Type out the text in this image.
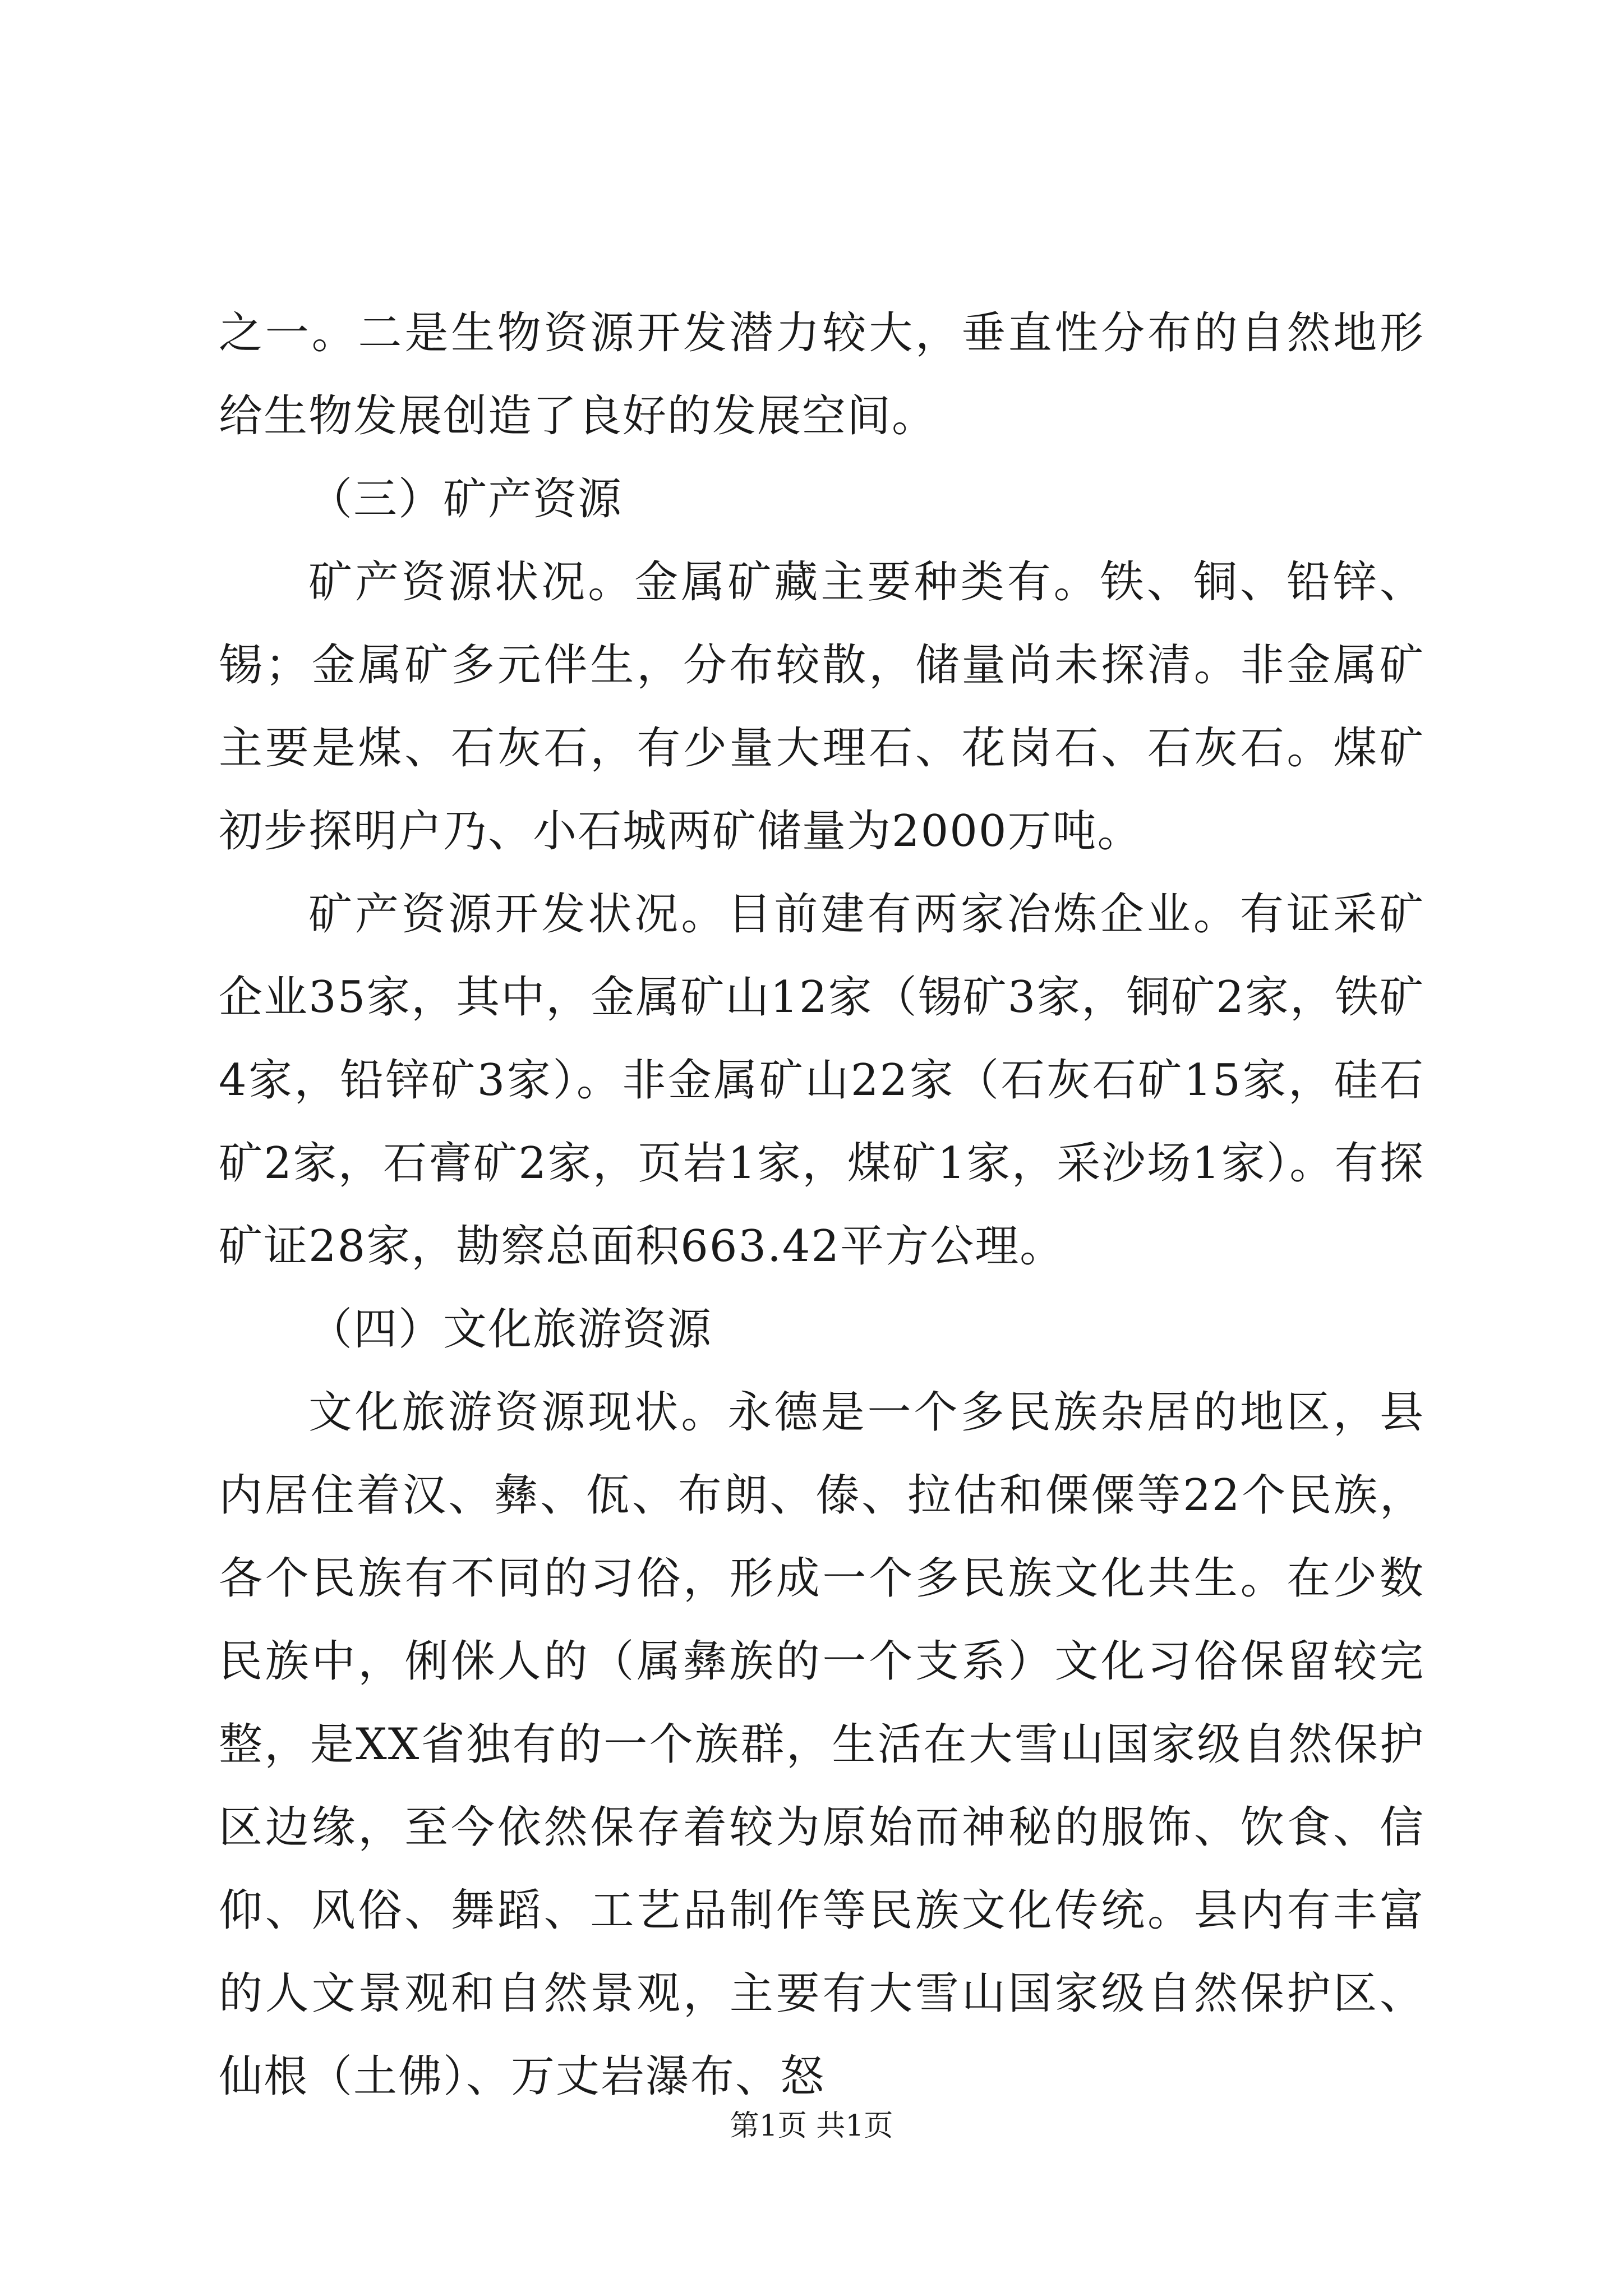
之一。二是生物资源开发潜力较大，垂直性分布的自然地形给生物发展创造了良好的发展空间。

（三）矿产资源

矿产资源状况。金属矿藏主要种类有。铁、铜、铅锌、锡；金属矿多元伴生，分布较散，储量尚未探清。非金属矿主要是煤、石灰石，有少量大理石、花岗石、石灰石。煤矿初步探明户乃、小石城两矿储量为2000万吨。

矿产资源开发状况。目前建有两家冶炼企业。有证采矿企业35家，其中，金属矿山12家（锡矿3家，铜矿2家，铁矿4家，铅锌矿3家）。非金属矿山22家（石灰石矿15家，硅石矿2家，石膏矿2家，页岩1家，煤矿1家，采沙场1家）。有探矿证28家，勘察总面积663.42平方公理。

（四）文化旅游资源

文化旅游资源现状。永德是一个多民族杂居的地区，县内居住着汉、彝、佤、布朗、傣、拉估和傈僳等22个民族，各个民族有不同的习俗，形成一个多民族文化共生。在少数民族中，俐侎人的（属彝族的一个支系）文化习俗保留较完整，是XX省独有的一个族群，生活在大雪山国家级自然保护区边缘，至今依然保存着较为原始而神秘的服饰、饮食、信仰、风俗、舞蹈、工艺品制作等民族文化传统。县内有丰富的人文景观和自然景观，主要有大雪山国家级自然保护区、仙根（土佛）、万丈岩瀑布、怒

第1页 共1页
